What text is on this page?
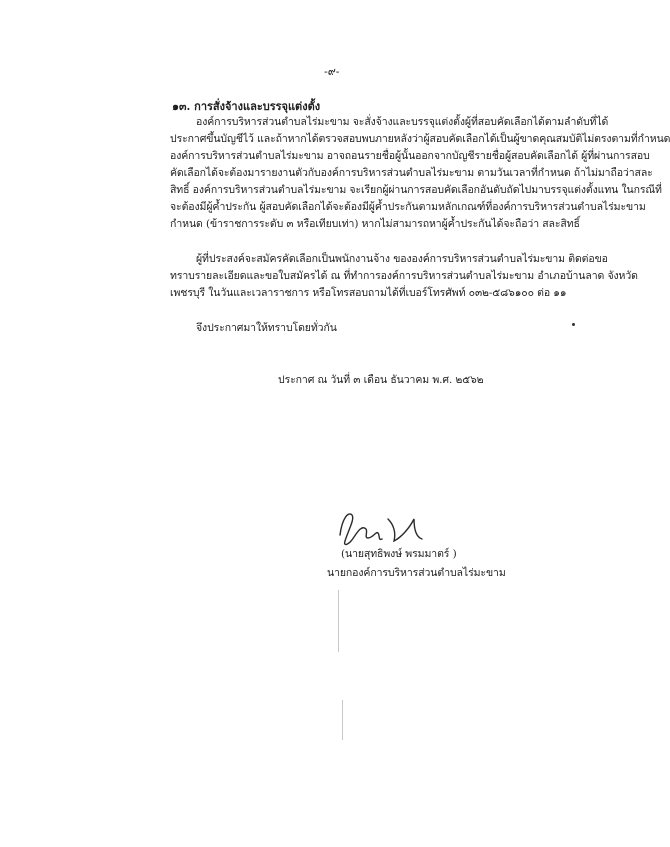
-๙-
๑๓. การสั่งจ้างและบรรจุแต่งตั้ง
องค์การบริหารส่วนตำบลไร่มะขาม จะสั่งจ้างและบรรจุแต่งตั้งผู้ที่สอบคัดเลือกได้ตามลำดับที่ได้
ประกาศขึ้นบัญชีไว้ และถ้าหากได้ตรวจสอบพบภายหลังว่าผู้สอบคัดเลือกได้เป็นผู้ขาดคุณสมบัติไม่ตรงตามที่กำหนด
องค์การบริหารส่วนตำบลไร่มะขาม อาจถอนรายชื่อผู้นั้นออกจากบัญชีรายชื่อผู้สอบคัดเลือกได้ ผู้ที่ผ่านการสอบ
คัดเลือกได้จะต้องมารายงานตัวกับองค์การบริหารส่วนตำบลไร่มะขาม ตามวันเวลาที่กำหนด ถ้าไม่มาถือว่าสละ
สิทธิ์ องค์การบริหารส่วนตำบลไร่มะขาม จะเรียกผู้ผ่านการสอบคัดเลือกอันดับถัดไปมาบรรจุแต่งตั้งแทน ในกรณีที่
จะต้องมีผู้ค้ำประกัน ผู้สอบคัดเลือกได้จะต้องมีผู้ค้ำประกันตามหลักเกณฑ์ที่องค์การบริหารส่วนตำบลไร่มะขาม
กำหนด (ข้าราชการระดับ ๓ หรือเทียบเท่า) หากไม่สามารถหาผู้ค้ำประกันได้จะถือว่า สละสิทธิ์
ผู้ที่ประสงค์จะสมัครคัดเลือกเป็นพนักงานจ้าง ขององค์การบริหารส่วนตำบลไร่มะขาม ติดต่อขอ
ทราบรายละเอียดและขอใบสมัครได้ ณ ที่ทำการองค์การบริหารส่วนตำบลไร่มะขาม อำเภอบ้านลาด จังหวัด
เพชรบุรี ในวันและเวลาราชการ หรือโทรสอบถามได้ที่เบอร์โทรศัพท์ ๐๓๒-๕๘๖๑๐๐ ต่อ ๑๑
จึงประกาศมาให้ทราบโดยทั่วกัน
ประกาศ ณ วันที่ ๓ เดือน ธันวาคม พ.ศ. ๒๕๖๒
(นายสุทธิพงษ์ พรมมาตร์ )
นายกองค์การบริหารส่วนตำบลไร่มะขาม
